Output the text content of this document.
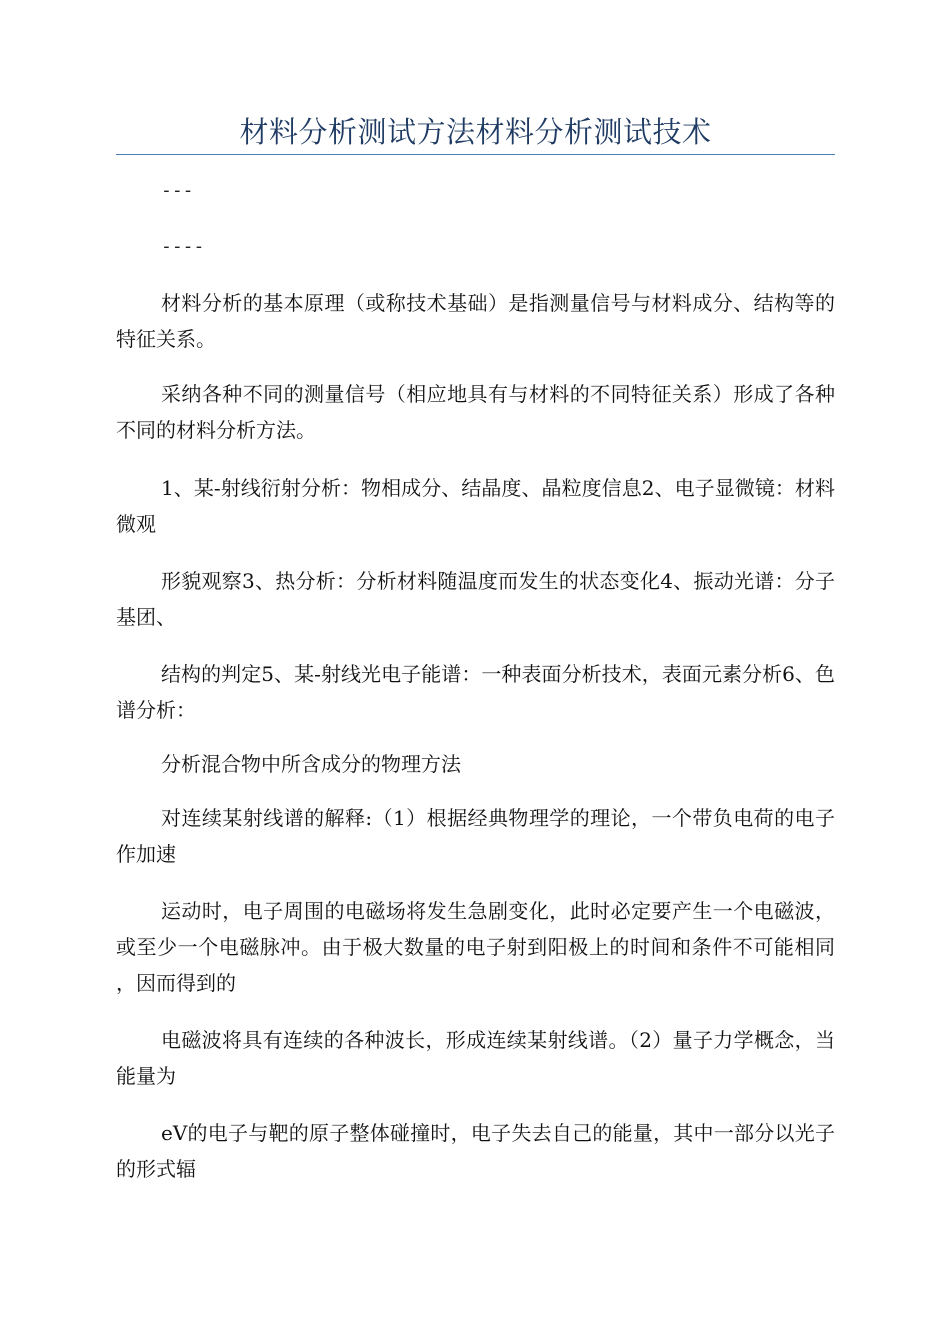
材料分析测试方法材料分析测试技术
---
----

材料分析的基本原理（或称技术基础）是指测量信号与材料成分、结构等的特征关系。

采纳各种不同的测量信号（相应地具有与材料的不同特征关系）形成了各种不同的材料分析方法。

1、某-射线衍射分析：物相成分、结晶度、晶粒度信息2、电子显微镜：材料微观

形貌观察3、热分析：分析材料随温度而发生的状态变化4、振动光谱：分子基团、

结构的判定5、某-射线光电子能谱：一种表面分析技术，表面元素分析6、色谱分析：

分析混合物中所含成分的物理方法

对连续某射线谱的解释:（1）根据经典物理学的理论，一个带负电荷的电子作加速

运动时，电子周围的电磁场将发生急剧变化，此时必定要产生一个电磁波，或至少一个电磁脉冲。由于极大数量的电子射到阳极上的时间和条件不可能相同，因而得到的

电磁波将具有连续的各种波长，形成连续某射线谱。（2）量子力学概念，当能量为

eV的电子与靶的原子整体碰撞时，电子失去自己的能量，其中一部分以光子的形式辐
